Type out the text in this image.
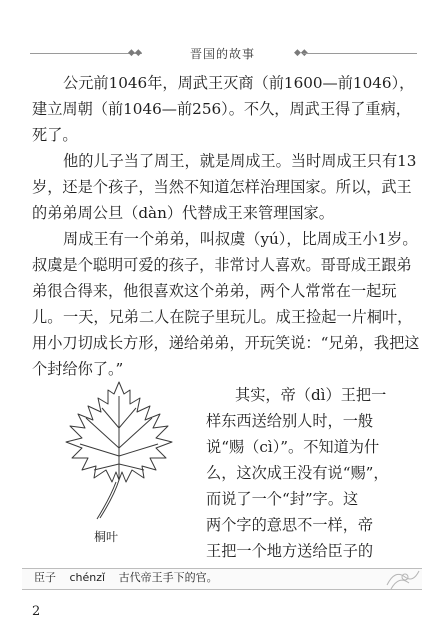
◆◆	晋国的故事	◆◆

公元前1046年，周武王灭商（前1600—前1046），建立周朝（前1046—前256）。不久，周武王得了重病，死了。

他的儿子当了周王，就是周成王。当时周成王只有13岁，还是个孩子，当然不知道怎样治理国家。所以，武王的弟弟周公旦（dàn）代替成王来管理国家。

周成王有一个弟弟，叫叔虞（yú），比周成王小1岁。叔虞是个聪明可爱的孩子，非常讨人喜欢。哥哥成王跟弟弟很合得来，他很喜欢这个弟弟，两个人常常在一起玩儿。 一天，兄弟二人在院子里玩儿。成王捡起一片桐叶，用小刀切成长方形，递给弟弟，开玩笑说：“兄弟，我把这个封给你了。”

其实，帝（dì）王把一
样东西送给别人时，一般
说“赐（cì）”。不知道为什
么，这次成王没有说“赐”，
而说了一个“封”字。这
两个字的意思不一样，帝
王把一个地方送给臣子的
桐叶
臣子 chénzǐ 古代帝王手下的官。
2
